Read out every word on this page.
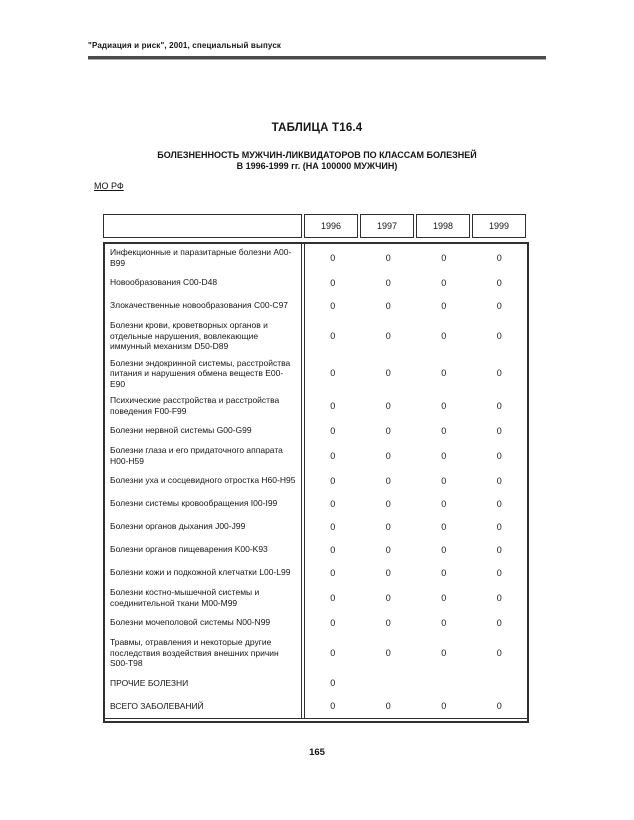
"Радиация и риск", 2001, специальный выпуск
ТАБЛИЦА Т16.4
БОЛЕЗНЕННОСТЬ МУЖЧИН-ЛИКВИДАТОРОВ ПО КЛАССАМ БОЛЕЗНЕЙ
В 1996-1999 гг. (НА 100000 МУЖЧИН)
МО РФ
1996	1997	1998	1999
Инфекционные и паразитарные болезни A00-B99	0	0	0	0
Новообразования C00-D48	0	0	0	0
Злокачественные новообразования C00-C97	0	0	0	0
Болезни крови, кроветворных органов и отдельные нарушения, вовлекающие иммунный механизм D50-D89
0	0	0	0
Болезни эндокринной системы, расстройства питания и нарушения обмена веществ E00-E90
0	0	0	0
Психические расстройства и расстройства поведения F00-F99	0	0	0	0
Болезни нервной системы G00-G99	0	0	0	0
Болезни глаза и его придаточного аппарата H00-H59	0	0	0	0
Болезни уха и сосцевидного отростка H60-H95	0	0	0	0
Болезни системы кровообращения I00-I99	0	0	0	0
Болезни органов дыхания J00-J99	0	0	0	0
Болезни органов пищеварения K00-K93	0	0	0	0
Болезни кожи и подкожной клетчатки L00-L99	0	0	0	0
Болезни костно-мышечной системы и соединительной ткани M00-M99	0	0	0	0
Болезни мочеполовой системы N00-N99	0	0	0	0
Травмы, отравления и некоторые другие последствия воздействия внешних причин S00-T98
0	0	0	0
ПРОЧИЕ БОЛЕЗНИ	0
ВСЕГО ЗАБОЛЕВАНИЙ	0	0	0	0
165
